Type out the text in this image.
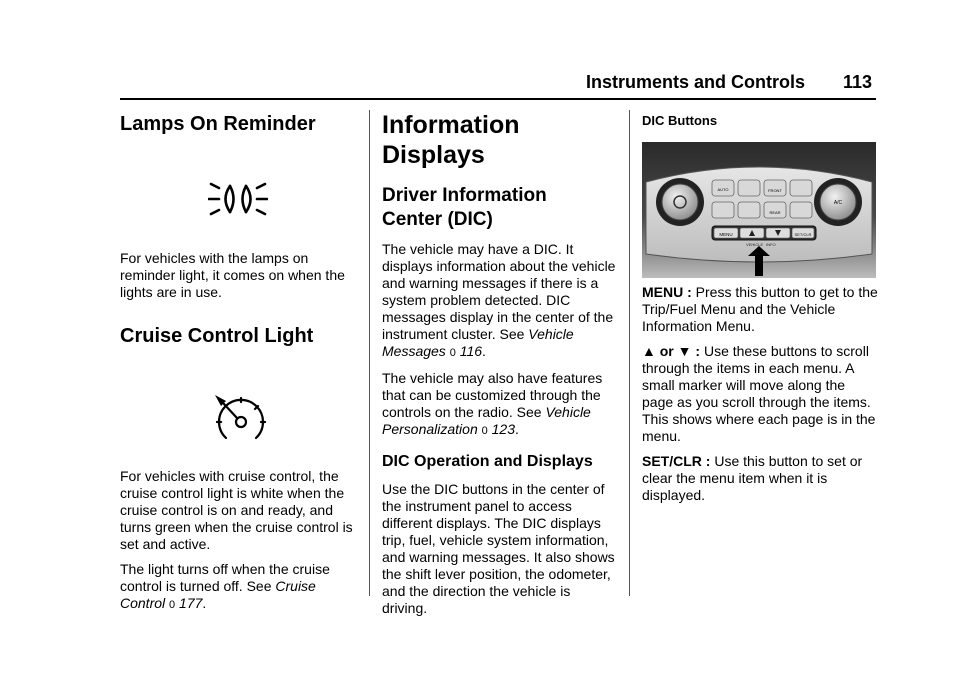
Instruments and Controls 113
Lamps On Reminder
For vehicles with the lamps on reminder light, it comes on when the lights are in use.
Cruise Control Light
For vehicles with cruise control, the cruise control light is white when the cruise control is on and ready, and turns green when the cruise control is set and active.
The light turns off when the cruise control is turned off. See Cruise Control 0 177.
Information Displays
Driver Information
Center (DIC)
The vehicle may have a DIC. It displays information about the vehicle and warning messages if there is a system problem detected. DIC messages display in the center of the instrument cluster. See Vehicle Messages 0 116.
The vehicle may also have features that can be customized through the controls on the radio. See Vehicle Personalization 0 123.
DIC Operation and Displays
Use the DIC buttons in the center of the instrument panel to access different displays. The DIC displays trip, fuel, vehicle system information, and warning messages. It also shows the shift lever position, the odometer, and the direction the vehicle is driving.
DIC Buttons
MENU	SET/CLR
VEHICLE INFO
AUTO	FRONT
REAR
A/C
MENU : Press this button to get to the Trip/Fuel Menu and the Vehicle Information Menu.
▲ or ▼ : Use these buttons to scroll through the items in each menu. A small marker will move along the page as you scroll through the items. This shows where each page is in the menu.
SET/CLR : Use this button to set or clear the menu item when it is displayed.
